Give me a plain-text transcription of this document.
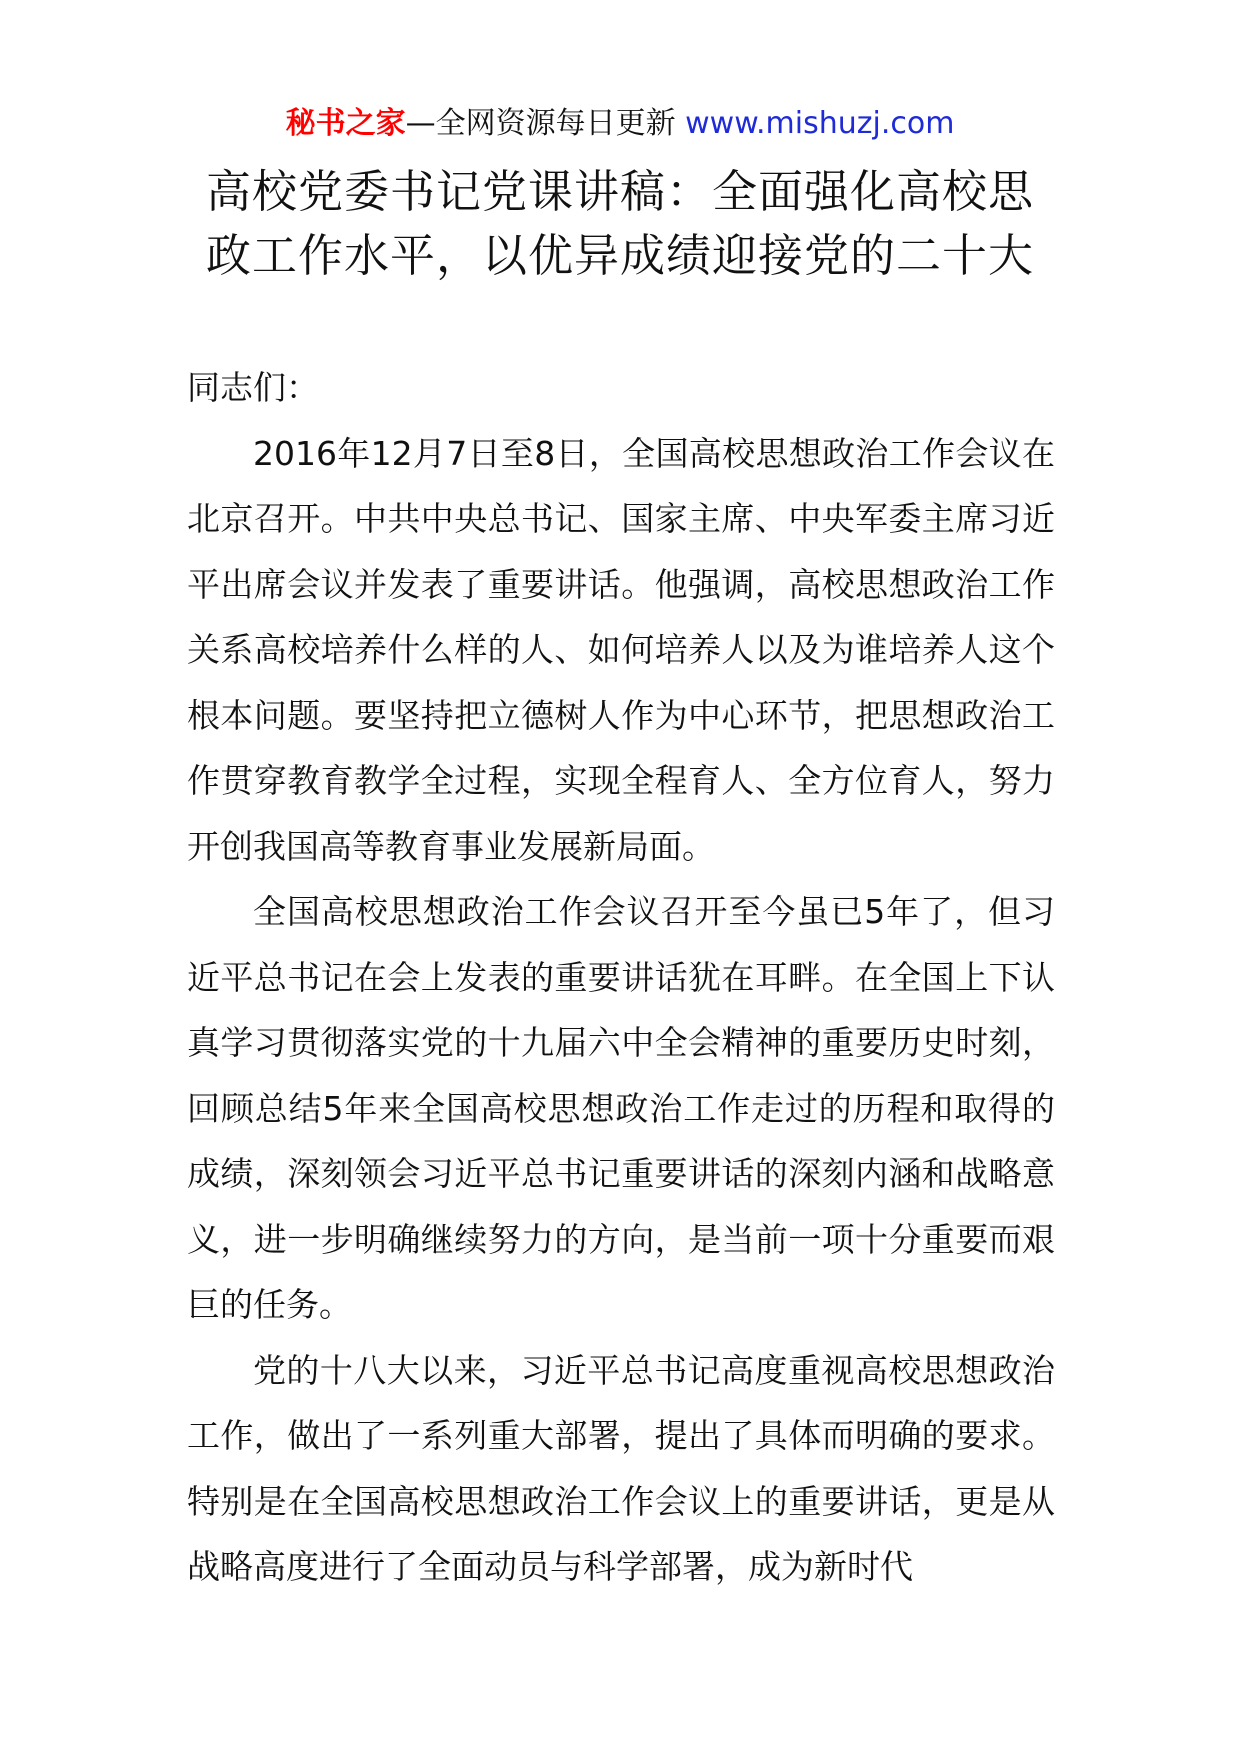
秘书之家—全网资源每日更新 www.mishuzj.com
高校党委书记党课讲稿：全面强化高校思
政工作水平，以优异成绩迎接党的二十大

同志们：

2016年12月7日至8日，全国高校思想政治工作会议在北京召开。中共中央总书记、国家主席、中央军委主席习近平出席会议并发表了重要讲话。他强调，高校思想政治工作关系高校培养什么样的人、如何培养人以及为谁培养人这个根本问题。要坚持把立德树人作为中心环节，把思想政治工作贯穿教育教学全过程，实现全程育人、全方位育人，努力开创我国高等教育事业发展新局面。

全国高校思想政治工作会议召开至今虽已5年了，但习近平总书记在会上发表的重要讲话犹在耳畔。在全国上下认真学习贯彻落实党的十九届六中全会精神的重要历史时刻，回顾总结5年来全国高校思想政治工作走过的历程和取得的成绩，深刻领会习近平总书记重要讲话的深刻内涵和战略意义，进一步明确继续努力的方向，是当前一项十分重要而艰巨的任务。

党的十八大以来，习近平总书记高度重视高校思想政治工作，做出了一系列重大部署，提出了具体而明确的要求。特别是在全国高校思想政治工作会议上的重要讲话，更是从战略高度进行了全面动员与科学部署，成为新时代
